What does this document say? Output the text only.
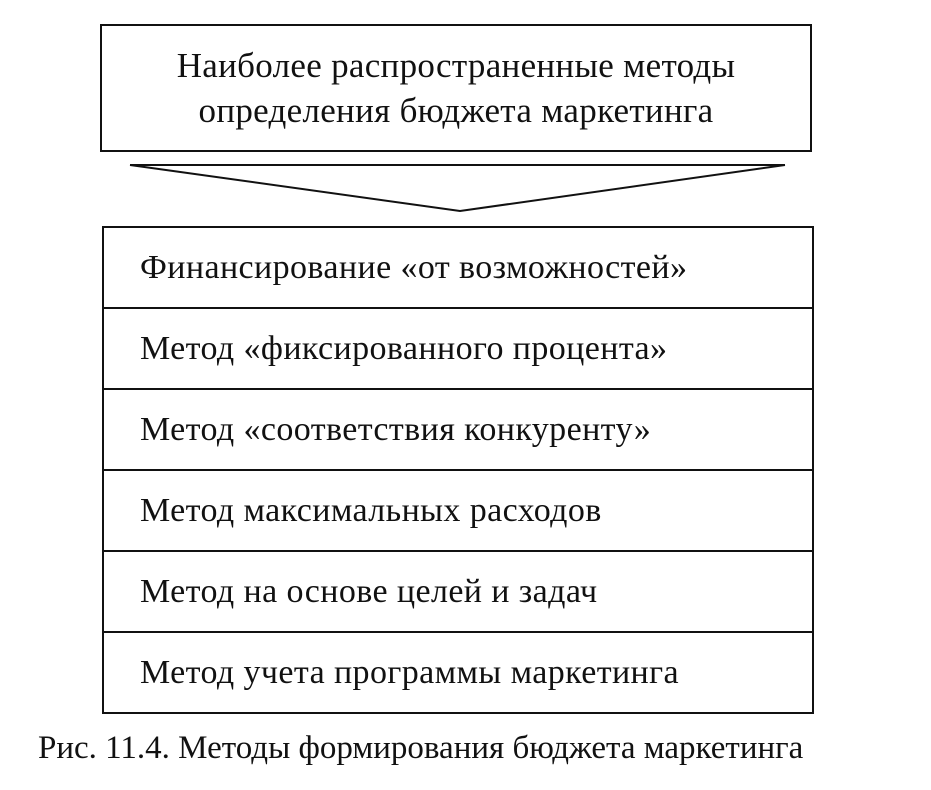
Наиболее распространенные методы
определения бюджета маркетинга
Финансирование «от возможностей»
Метод «фиксированного процента»
Метод «соответствия конкуренту»
Метод максимальных расходов
Метод на основе целей и задач
Метод учета программы маркетинга
Рис. 11.4. Методы формирования бюджета маркетинга
